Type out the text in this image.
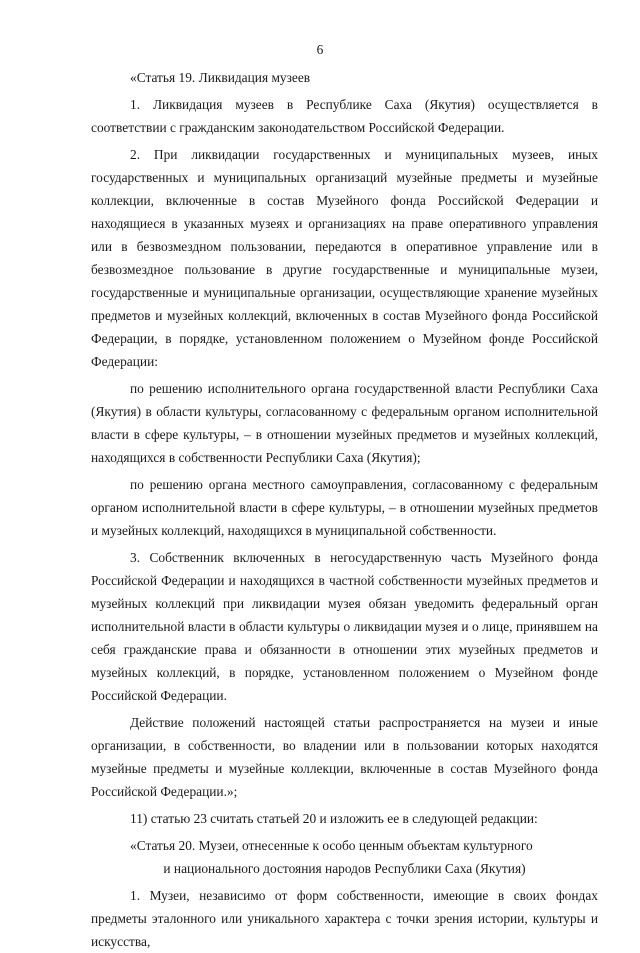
6

«Статья 19. Ликвидация музеев

1. Ликвидация музеев в Республике Саха (Якутия) осуществляется в соответствии с гражданским законодательством Российской Федерации.

2. При ликвидации государственных и муниципальных музеев, иных государственных и муниципальных организаций музейные предметы и музейные коллекции, включенные в состав Музейного фонда Российской Федерации и находящиеся в указанных музеях и организациях на праве оперативного управления или в безвозмездном пользовании, передаются в оперативное управление или в безвозмездное пользование в другие государственные и муниципальные музеи, государственные и муниципальные организации, осуществляющие хранение музейных предметов и музейных коллекций, включенных в состав Музейного фонда Российской Федерации, в порядке, установленном положением о Музейном фонде Российской Федерации:

по решению исполнительного органа государственной власти Республики Саха (Якутия) в области культуры, согласованному с федеральным органом исполнительной власти в сфере культуры, – в отношении музейных предметов и музейных коллекций, находящихся в собственности Республики Саха (Якутия);

по решению органа местного самоуправления, согласованному с федеральным органом исполнительной власти в сфере культуры, – в отношении музейных предметов и музейных коллекций, находящихся в муниципальной собственности.

3. Собственник включенных в негосударственную часть Музейного фонда Российской Федерации и находящихся в частной собственности музейных предметов и музейных коллекций при ликвидации музея обязан уведомить федеральный орган исполнительной власти в области культуры о ликвидации музея и о лице, принявшем на себя гражданские права и обязанности в отношении этих музейных предметов и музейных коллекций, в порядке, установленном положением о Музейном фонде Российской Федерации.

Действие положений настоящей статьи распространяется на музеи и иные организации, в собственности, во владении или в пользовании которых находятся музейные предметы и музейные коллекции, включенные в состав Музейного фонда Российской Федерации.»;

11) статью 23 считать статьей 20 и изложить ее в следующей редакции:

«Статья 20. Музеи, отнесенные к особо ценным объектам культурного

и национального достояния народов Республики Саха (Якутия)

1. Музеи, независимо от форм собственности, имеющие в своих фондах предметы эталонного или уникального характера с точки зрения истории, культуры и искусства,
